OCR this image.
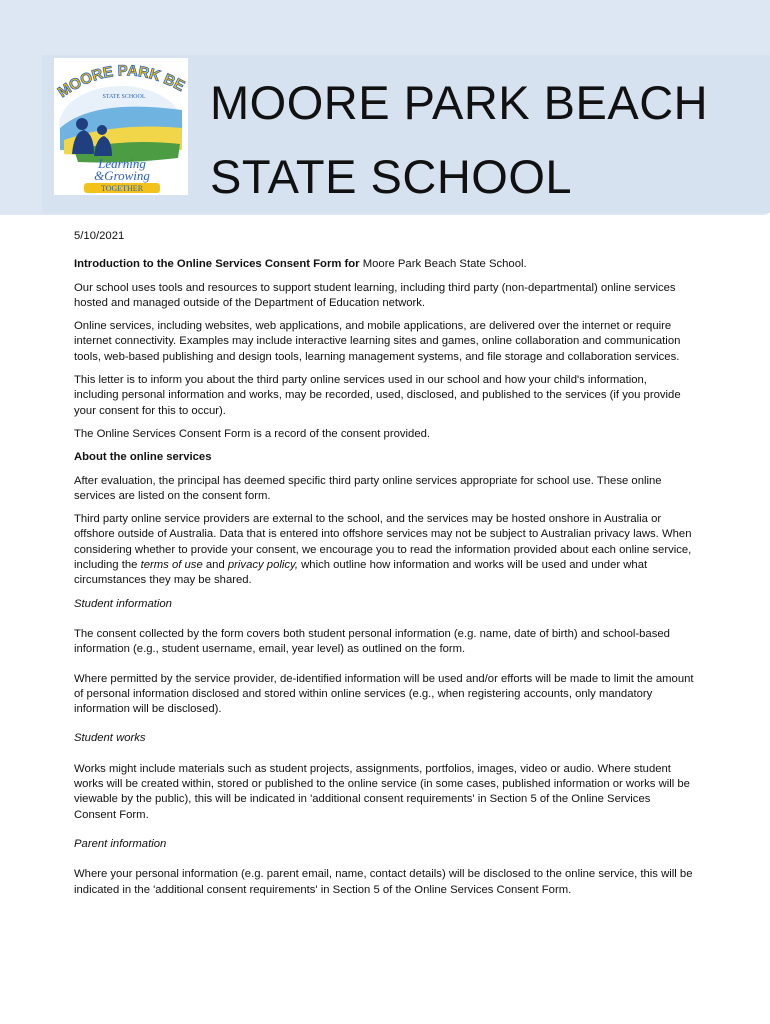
MOORE PARK BE
STATE SCHOOL
Learning
&Growing
TOGETHER
MOORE PARK BEACH
STATE SCHOOL

5/10/2021

Introduction to the Online Services Consent Form for Moore Park Beach State School.

Our school uses tools and resources to support student learning, including third party (non-departmental) online services hosted and managed outside of the Department of Education network.

Online services, including websites, web applications, and mobile applications, are delivered over the internet or require internet connectivity. Examples may include interactive learning sites and games, online collaboration and communication tools, web-based publishing and design tools, learning management systems, and file storage and collaboration services.

This letter is to inform you about the third party online services used in our school and how your child's information, including personal information and works, may be recorded, used, disclosed, and published to the services (if you provide your consent for this to occur).

The Online Services Consent Form is a record of the consent provided.

About the online services

After evaluation, the principal has deemed specific third party online services appropriate for school use. These online services are listed on the consent form.

Third party online service providers are external to the school, and the services may be hosted onshore in Australia or offshore outside of Australia. Data that is entered into offshore services may not be subject to Australian privacy laws. When considering whether to provide your consent, we encourage you to read the information provided about each online service, including the terms of use and privacy policy, which outline how information and works will be used and under what circumstances they may be shared.

Student information

The consent collected by the form covers both student personal information (e.g. name, date of birth) and school-based information (e.g., student username, email, year level) as outlined on the form.

Where permitted by the service provider, de-identified information will be used and/or efforts will be made to limit the amount of personal information disclosed and stored within online services (e.g., when registering accounts, only mandatory information will be disclosed).

Student works

Works might include materials such as student projects, assignments, portfolios, images, video or audio. Where student works will be created within, stored or published to the online service (in some cases, published information or works will be viewable by the public), this will be indicated in 'additional consent requirements' in Section 5 of the Online Services Consent Form.

Parent information

Where your personal information (e.g. parent email, name, contact details) will be disclosed to the online service, this will be indicated in the 'additional consent requirements' in Section 5 of the Online Services Consent Form.
